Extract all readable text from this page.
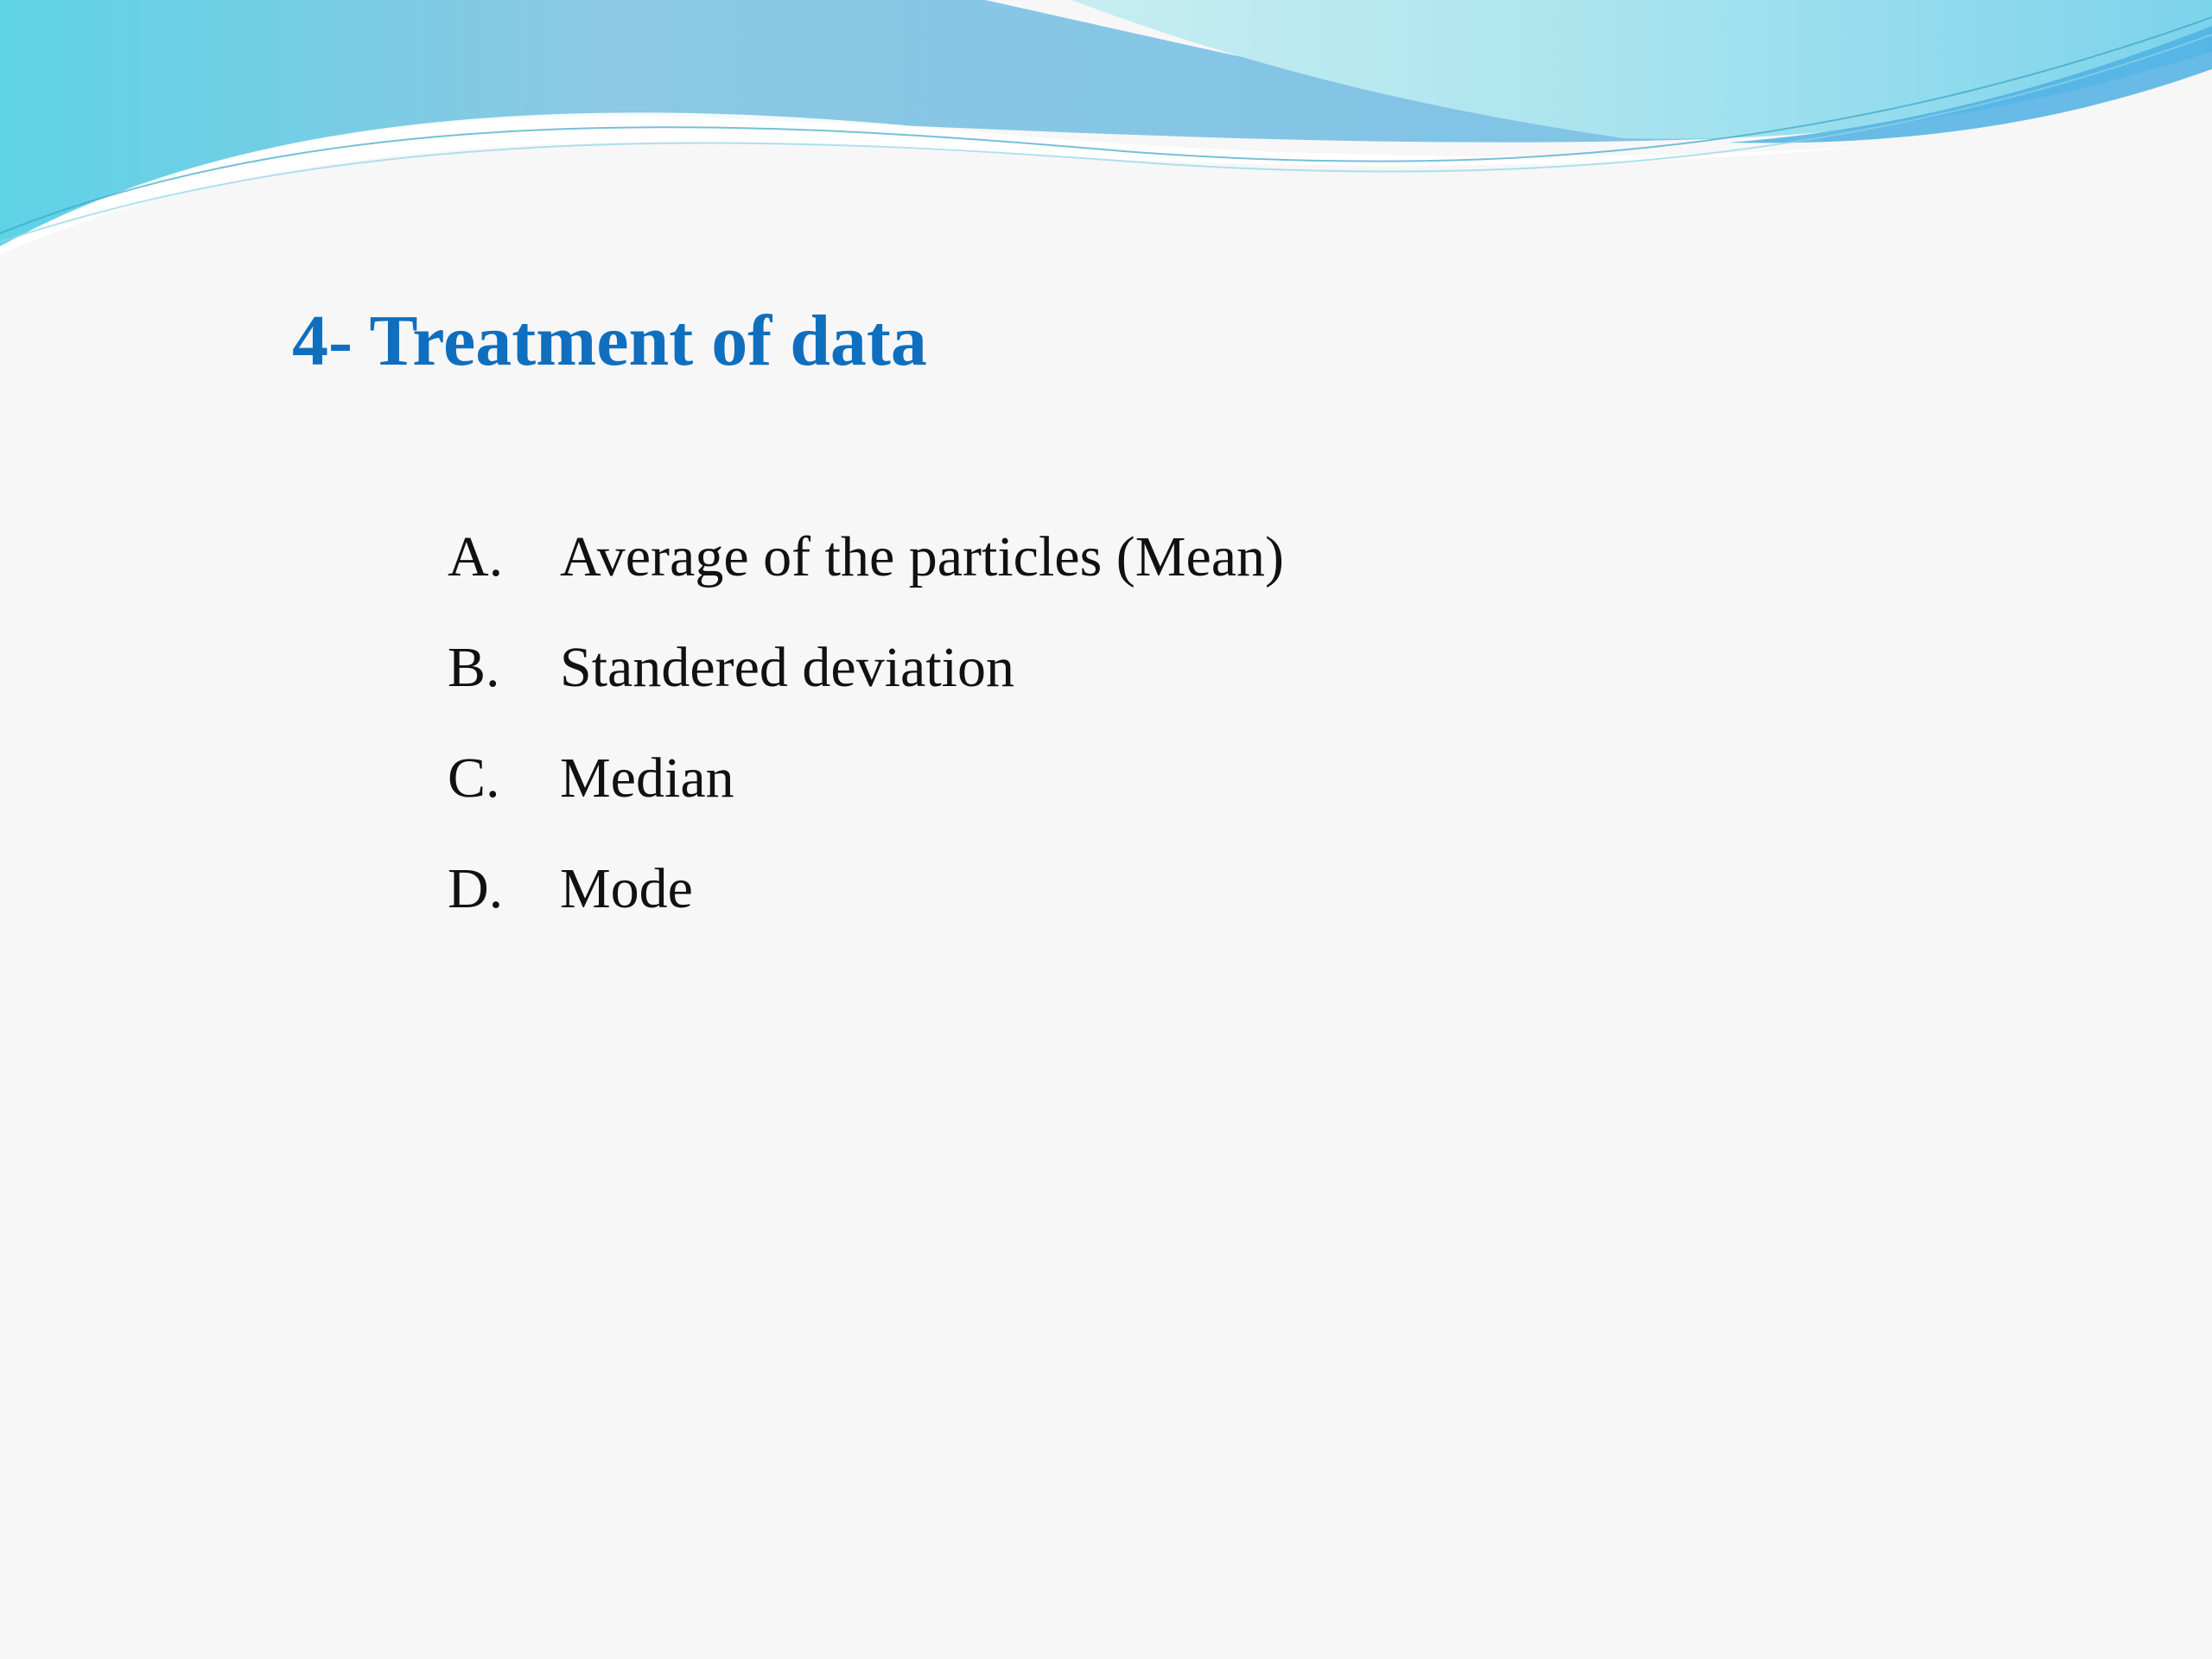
4- Treatment of data
A. Average of the particles (Mean)
B.	Standered deviation
C.	Median
D. Mode
